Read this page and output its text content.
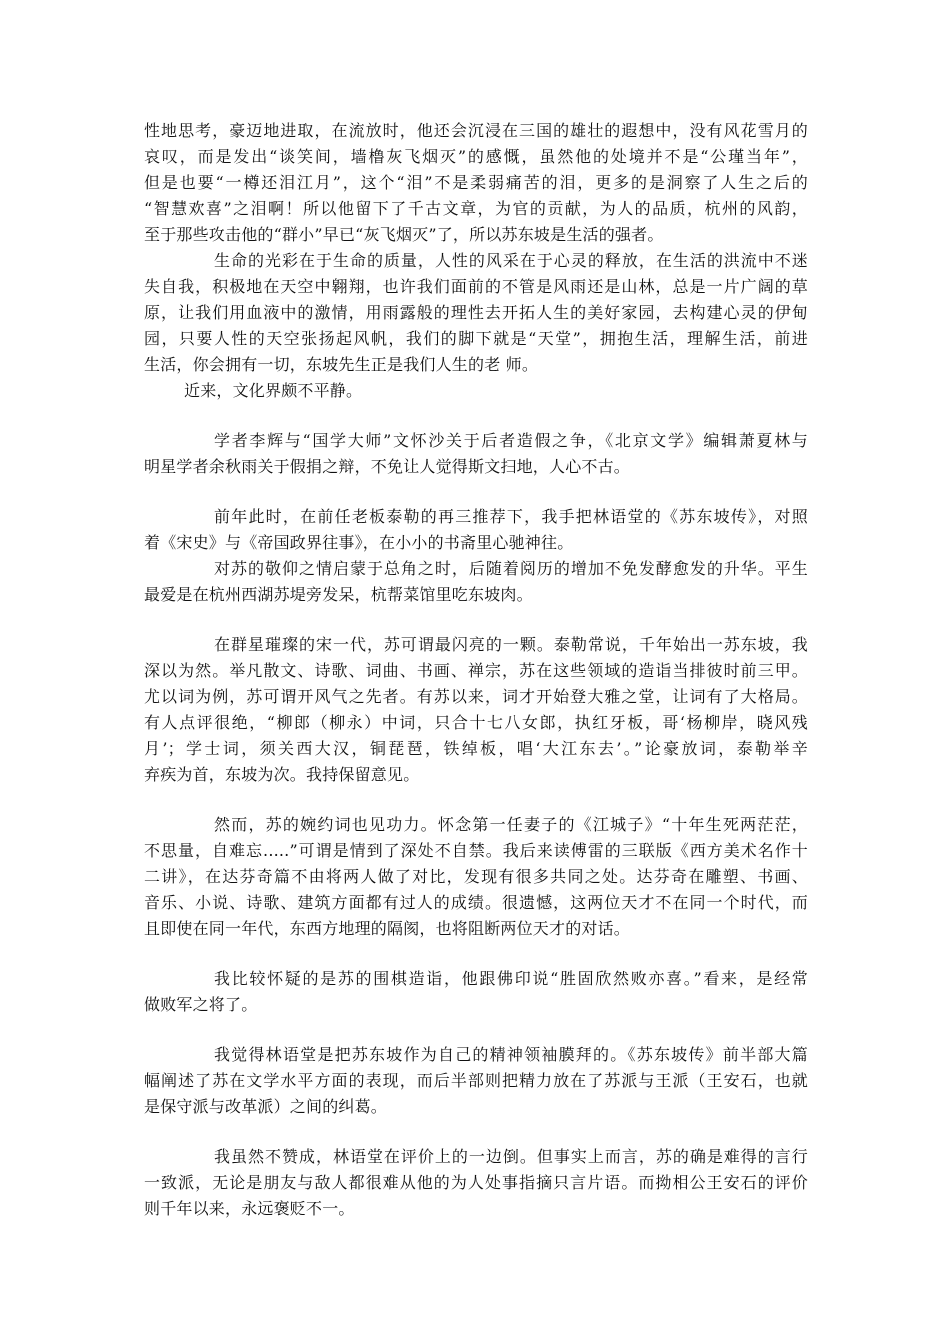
性地思考，豪迈地进取，在流放时，他还会沉浸在三国的雄壮的遐想中，没有风花雪月的
哀叹，而是发出“谈笑间，墙橹灰飞烟灭”的感慨，虽然他的处境并不是“公瑾当年”，
但是也要“一樽还泪江月”，这个“泪”不是柔弱痛苦的泪，更多的是洞察了人生之后的
“智慧欢喜”之泪啊！所以他留下了千古文章，为官的贡献，为人的品质，杭州的风韵，
至于那些攻击他的“群小”早已“灰飞烟灭”了，所以苏东坡是生活的强者。
生命的光彩在于生命的质量，人性的风采在于心灵的释放，在生活的洪流中不迷
失自我，积极地在天空中翱翔，也许我们面前的不管是风雨还是山林，总是一片广阔的草
原，让我们用血液中的激情，用雨露般的理性去开拓人生的美好家园，去构建心灵的伊甸
园，只要人性的天空张扬起风帆，我们的脚下就是“天堂”，拥抱生活，理解生活，前进
生活，你会拥有一切，东坡先生正是我们人生的老 师。
近来，文化界颇不平静。
学者李辉与“国学大师”文怀沙关于后者造假之争，《北京文学》编辑萧夏林与
明星学者余秋雨关于假捐之辩，不免让人觉得斯文扫地，人心不古。
前年此时，在前任老板泰勒的再三推荐下，我手把林语堂的《苏东坡传》，对照
着《宋史》与《帝国政界往事》，在小小的书斋里心驰神往。
对苏的敬仰之情启蒙于总角之时，后随着阅历的增加不免发酵愈发的升华。平生
最爱是在杭州西湖苏堤旁发呆，杭帮菜馆里吃东坡肉。
在群星璀璨的宋一代，苏可谓最闪亮的一颗。泰勒常说，千年始出一苏东坡，我
深以为然。举凡散文、诗歌、词曲、书画、禅宗，苏在这些领域的造诣当排彼时前三甲。
尤以词为例，苏可谓开风气之先者。有苏以来，词才开始登大雅之堂，让词有了大格局。
有人点评很绝，“柳郎（柳永）中词，只合十七八女郎，执红牙板，哥‘杨柳岸，晓风残
月’；学士词，须关西大汉，铜琵琶，铁绰板，唱‘大江东去’。”论豪放词，泰勒举辛
弃疾为首，东坡为次。我持保留意见。
然而，苏的婉约词也见功力。怀念第一任妻子的《江城子》“十年生死两茫茫，
不思量，自难忘.....”可谓是情到了深处不自禁。我后来读傅雷的三联版《西方美术名作十
二讲》，在达芬奇篇不由将两人做了对比，发现有很多共同之处。达芬奇在雕塑、书画、
音乐、小说、诗歌、建筑方面都有过人的成绩。很遗憾，这两位天才不在同一个时代，而
且即使在同一年代，东西方地理的隔阂，也将阻断两位天才的对话。
我比较怀疑的是苏的围棋造诣，他跟佛印说“胜固欣然败亦喜。”看来，是经常
做败军之将了。
我觉得林语堂是把苏东坡作为自己的精神领袖膜拜的。《苏东坡传》前半部大篇
幅阐述了苏在文学水平方面的表现，而后半部则把精力放在了苏派与王派（王安石，也就
是保守派与改革派）之间的纠葛。
我虽然不赞成，林语堂在评价上的一边倒。但事实上而言，苏的确是难得的言行
一致派，无论是朋友与敌人都很难从他的为人处事指摘只言片语。而拗相公王安石的评价
则千年以来，永远褒贬不一。
